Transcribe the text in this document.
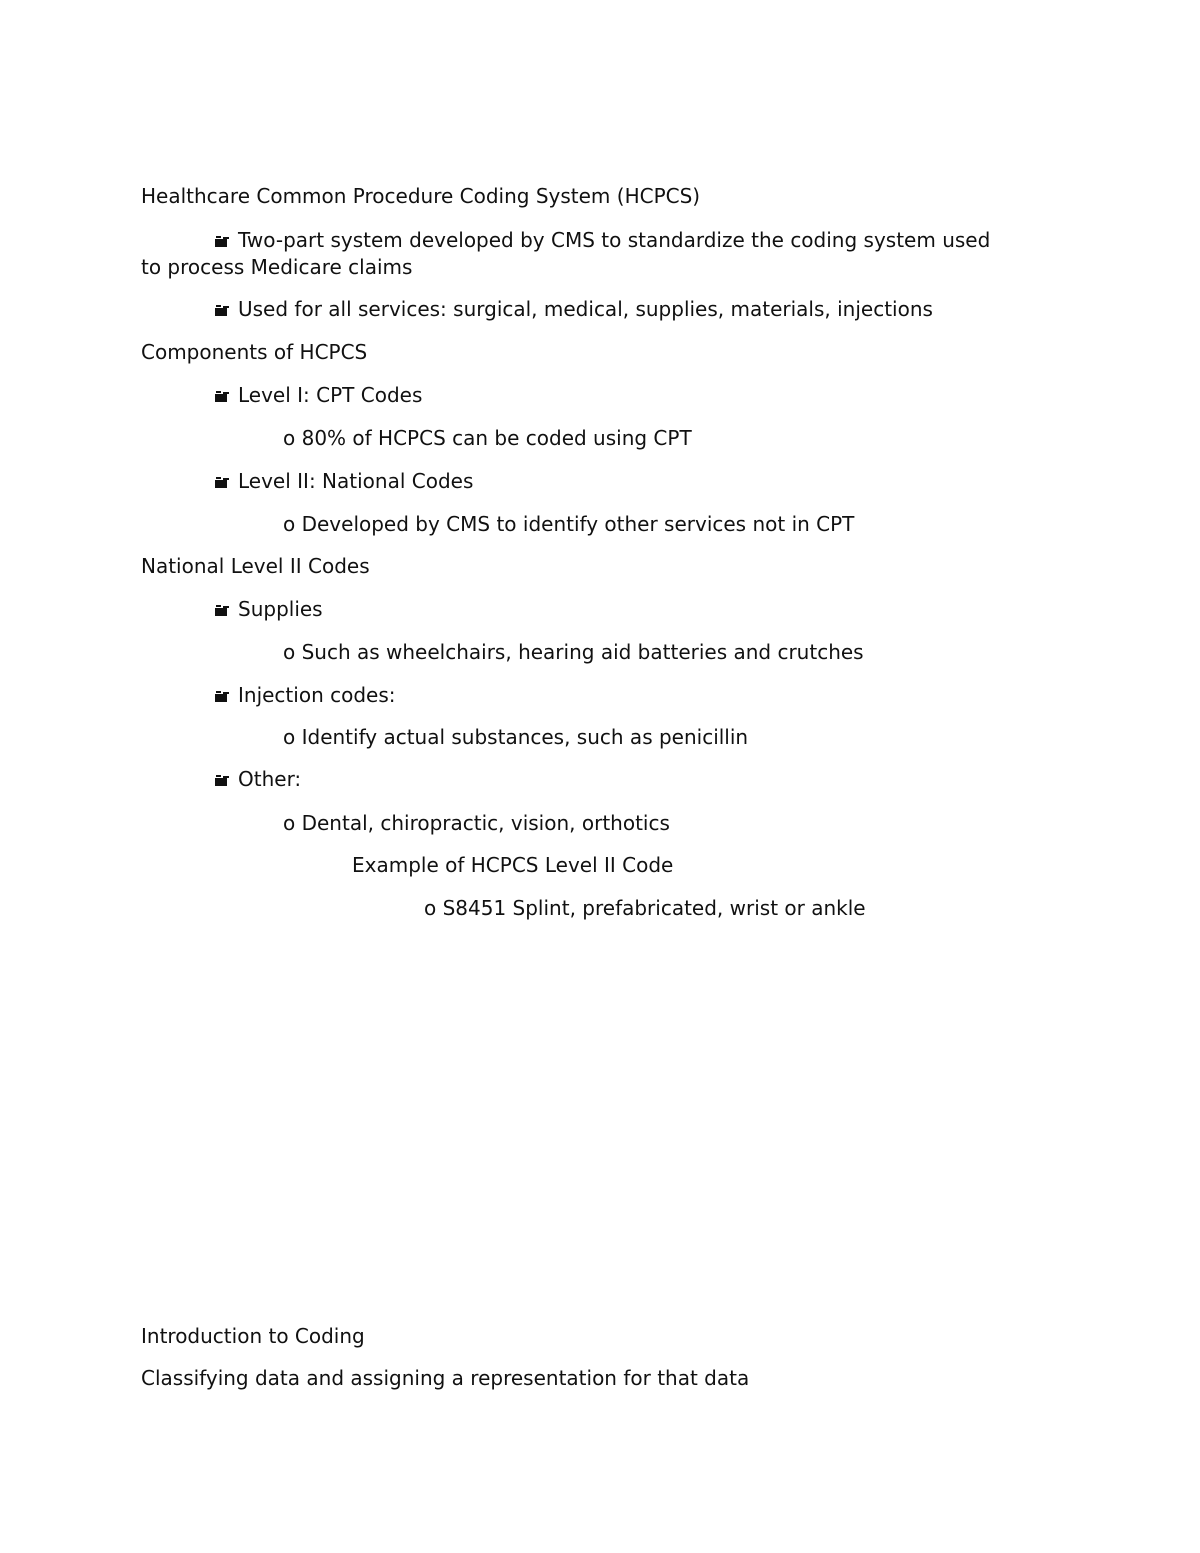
Healthcare Common Procedure Coding System (HCPCS)
Two-part system developed by CMS to standardize the coding system used
to process Medicare claims
Used for all services: surgical, medical, supplies, materials, injections
Components of HCPCS
Level I: CPT Codes
o 80% of HCPCS can be coded using CPT
Level II: National Codes
o Developed by CMS to identify other services not in CPT
National Level II Codes
Supplies
o Such as wheelchairs, hearing aid batteries and crutches
Injection codes:
o Identify actual substances, such as penicillin
Other:
o Dental, chiropractic, vision, orthotics
Example of HCPCS Level II Code
o S8451 Splint, prefabricated, wrist or ankle
Introduction to Coding
Classifying data and assigning a representation for that data
